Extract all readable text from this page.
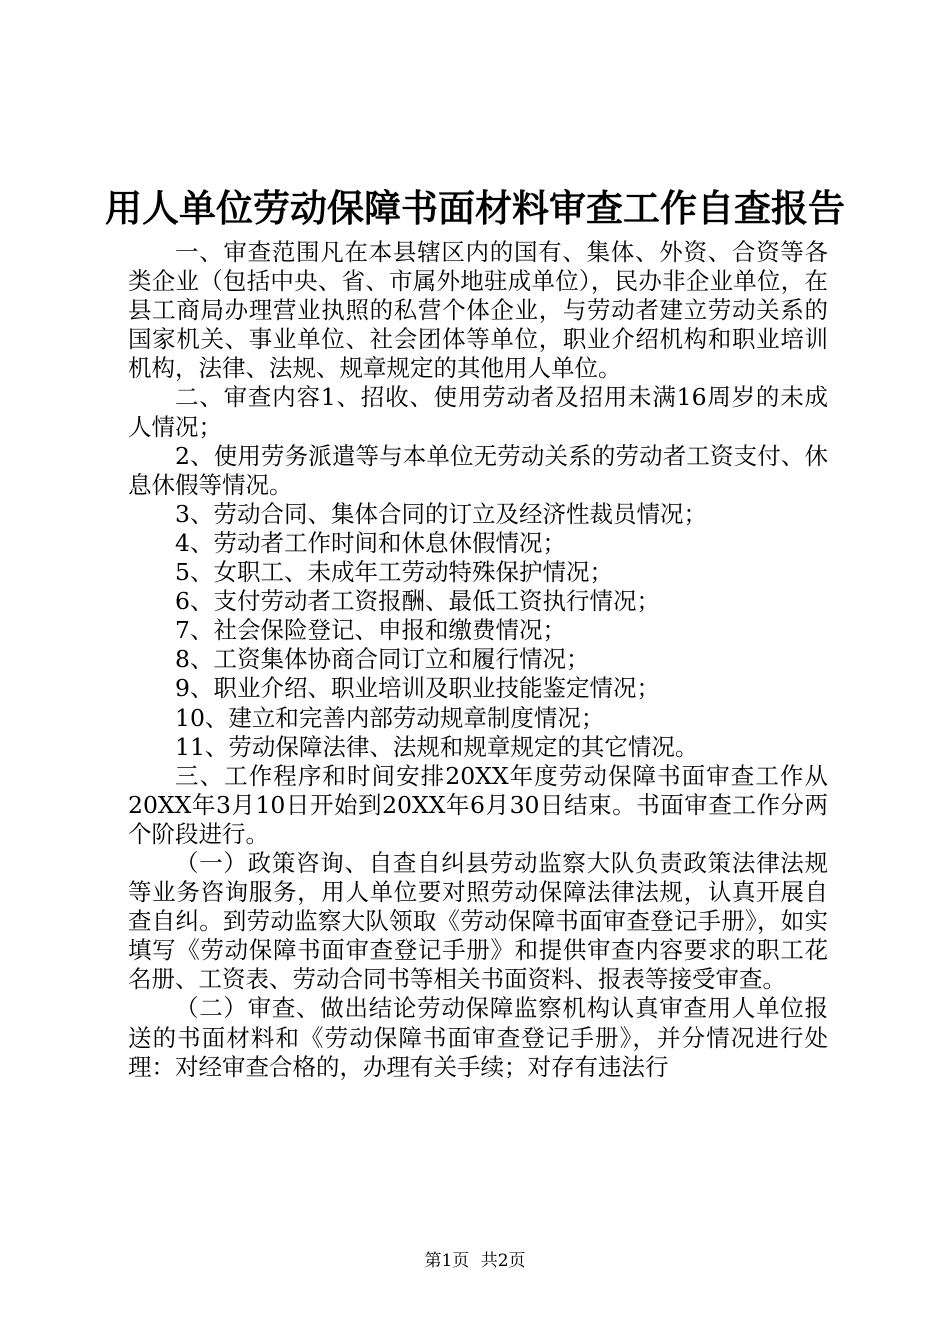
用人单位劳动保障书面材料审查工作自查报告

一、审查范围凡在本县辖区内的国有、集体、外资、合资等各类企业（包括中央、省、市属外地驻成单位），民办非企业单位，在县工商局办理营业执照的私营个体企业，与劳动者建立劳动关系的国家机关、事业单位、社会团体等单位，职业介绍机构和职业培训机构，法律、法规、规章规定的其他用人单位。

二、审查内容1、招收、使用劳动者及招用未满16周岁的未成人情况；

2、使用劳务派遣等与本单位无劳动关系的劳动者工资支付、休息休假等情况。

3、劳动合同、集体合同的订立及经济性裁员情况；

4、劳动者工作时间和休息休假情况；

5、女职工、未成年工劳动特殊保护情况；

6、支付劳动者工资报酬、最低工资执行情况；

7、社会保险登记、申报和缴费情况；

8、工资集体协商合同订立和履行情况；

9、职业介绍、职业培训及职业技能鉴定情况；

10、建立和完善内部劳动规章制度情况；

11、劳动保障法律、法规和规章规定的其它情况。

三、工作程序和时间安排20XX年度劳动保障书面审查工作从20XX年3月10日开始到20XX年6月30日结束。书面审查工作分两个阶段进行。

（一）政策咨询、自查自纠县劳动监察大队负责政策法律法规等业务咨询服务，用人单位要对照劳动保障法律法规，认真开展自查自纠。到劳动监察大队领取《劳动保障书面审查登记手册》，如实填写《劳动保障书面审查登记手册》和提供审查内容要求的职工花名册、工资表、劳动合同书等相关书面资料、报表等接受审查。

（二）审查、做出结论劳动保障监察机构认真审查用人单位报送的书面材料和《劳动保障书面审查登记手册》，并分情况进行处理：对经审查合格的，办理有关手续；对存有违法行

第1页 共2页
